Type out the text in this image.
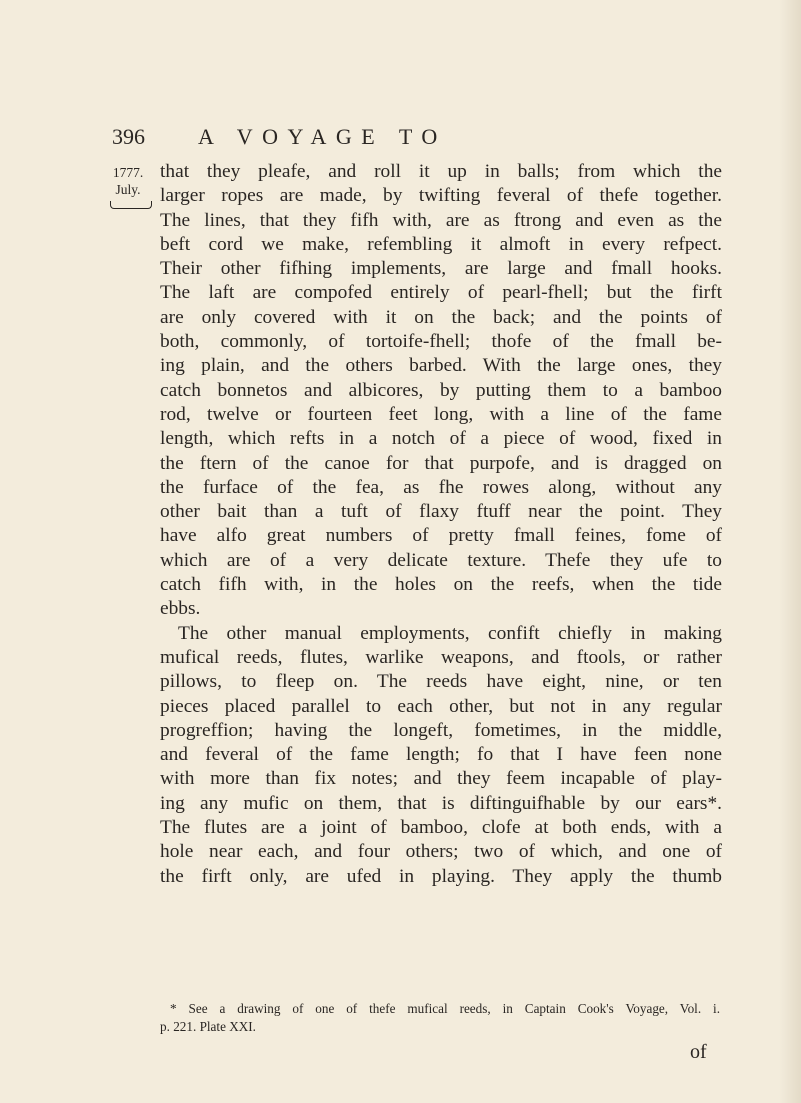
396 A VOYAGE TO
1777.
July.
that they pleafe, and roll it up in balls; from which the
larger ropes are made, by twifting feveral of thefe together.
The lines, that they fifh with, are as ftrong and even as the
beft cord we make, refembling it almoft in every refpect.
Their other fifhing implements, are large and fmall hooks.
The laft are compofed entirely of pearl-fhell; but the firft
are only covered with it on the back; and the points of
both, commonly, of tortoife-fhell; thofe of the fmall be-
ing plain, and the others barbed. With the large ones, they
catch bonnetos and albicores, by putting them to a bamboo
rod, twelve or fourteen feet long, with a line of the fame
length, which refts in a notch of a piece of wood, fixed in
the ftern of the canoe for that purpofe, and is dragged on
the furface of the fea, as fhe rowes along, without any
other bait than a tuft of flaxy ftuff near the point. They
have alfo great numbers of pretty fmall feines, fome of
which are of a very delicate texture. Thefe they ufe to
catch fifh with, in the holes on the reefs, when the tide
ebbs.
The other manual employments, confift chiefly in making
mufical reeds, flutes, warlike weapons, and ftools, or rather
pillows, to fleep on. The reeds have eight, nine, or ten
pieces placed parallel to each other, but not in any regular
progreffion; having the longeft, fometimes, in the middle,
and feveral of the fame length; fo that I have feen none
with more than fix notes; and they feem incapable of play-
ing any mufic on them, that is diftinguifhable by our ears*.
The flutes are a joint of bamboo, clofe at both ends, with a
hole near each, and four others; two of which, and one of
the firft only, are ufed in playing. They apply the thumb
* See a drawing of one of thefe mufical reeds, in Captain Cook's Voyage, Vol. i.
p. 221. Plate XXI.
of
